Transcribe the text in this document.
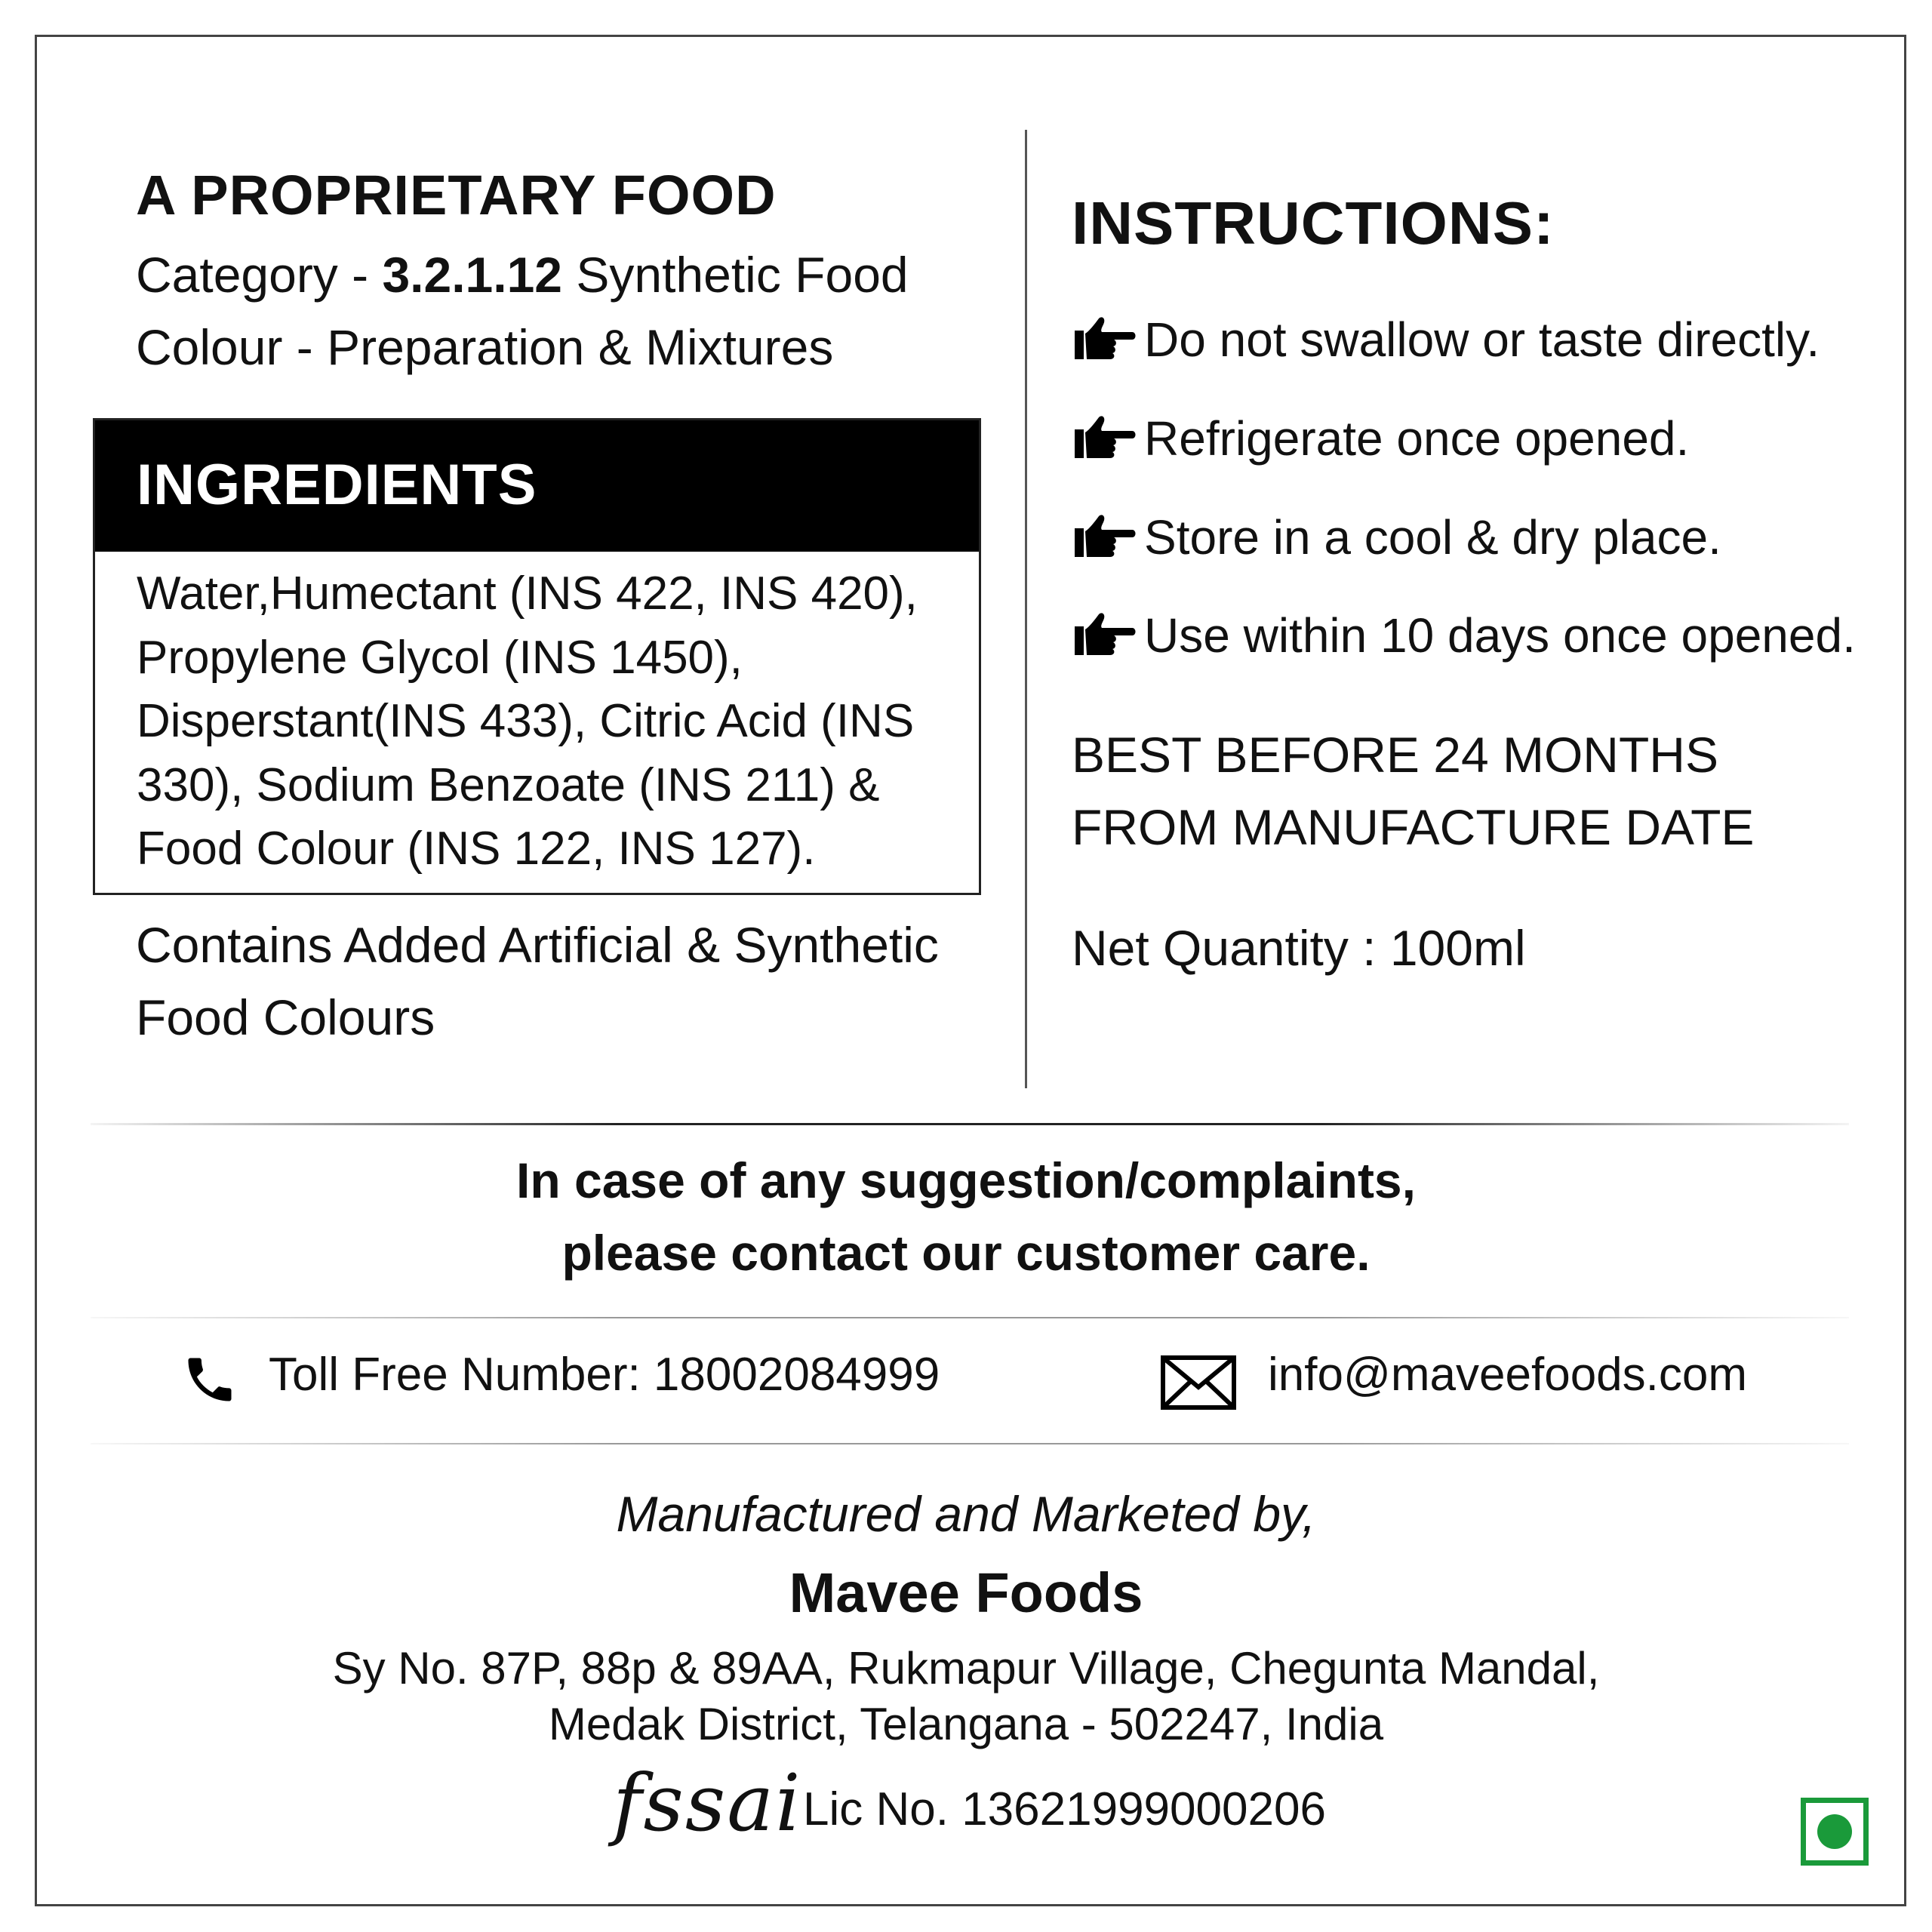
A PROPRIETARY FOOD
Category - 3.2.1.12 Synthetic Food
Colour - Preparation & Mixtures
INGREDIENTS
Water,Humectant (INS 422, INS 420),
Propylene Glycol (INS 1450),
Disperstant(INS 433), Citric Acid (INS
330), Sodium Benzoate (INS 211) &
Food Colour (INS 122, INS 127).
Contains Added Artificial & Synthetic
Food Colours
INSTRUCTIONS:
Do not swallow or taste directly.
Refrigerate once opened.
Store in a cool & dry place.
Use within 10 days once opened.
BEST BEFORE 24 MONTHS
FROM MANUFACTURE DATE
Net Quantity : 100ml
In case of any suggestion/complaints,
please contact our customer care.
Toll Free Number: 18002084999	info@maveefoods.com
Manufactured and Marketed by,
Mavee Foods
Sy No. 87P, 88p & 89AA, Rukmapur Village, Chegunta Mandal,
Medak District, Telangana - 502247, India
fssai Lic No. 13621999000206
